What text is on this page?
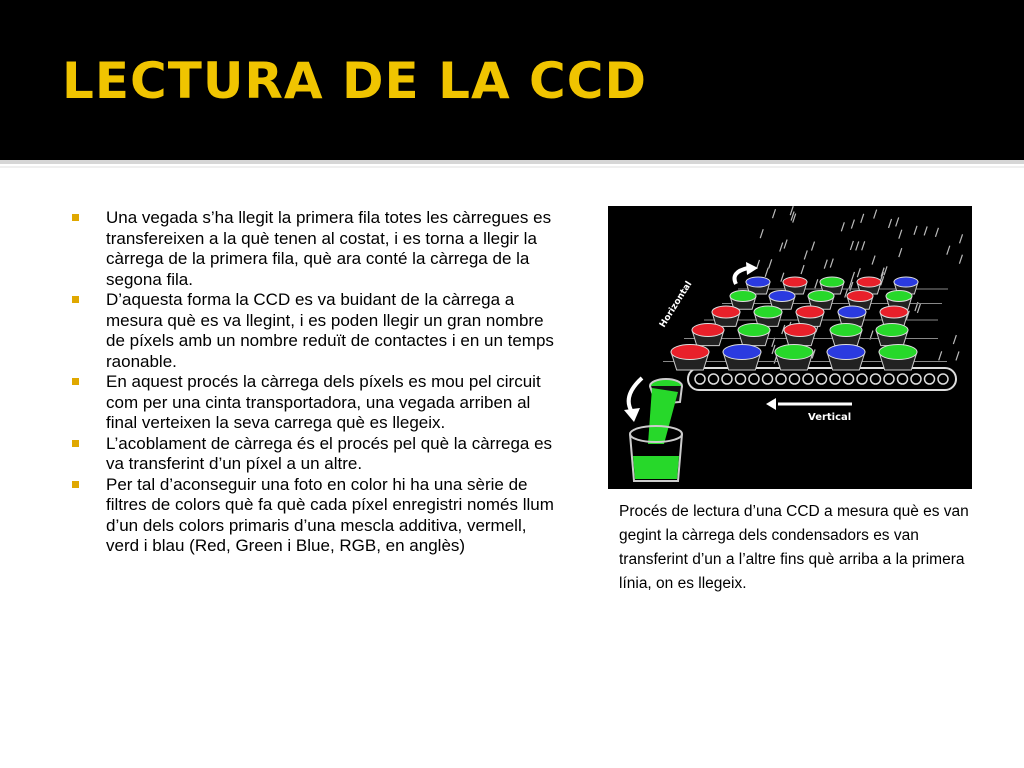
LECTURA DE LA CCD
Una vegada s’ha llegit la primera fila totes les càrregues es transfereixen a la què tenen al costat, i es torna a llegir la càrrega de la primera fila, què ara conté la càrrega de la segona fila.
D’aquesta forma la CCD es va buidant de la càrrega a mesura què es va llegint, i es poden llegir un gran nombre de píxels amb un nombre reduït de contactes i en un temps raonable.
En aquest procés la càrrega dels píxels es mou pel circuit com per una cinta transportadora, una vegada arriben al final verteixen la seva carrega què es llegeix.
L’acoblament de càrrega és el procés pel què la càrrega es va transferint d’un píxel a un altre.
Per tal d’aconseguir una foto en color hi ha una sèrie de filtres de colors què fa què cada píxel enregistri només llum d’un dels colors primaris d’una mescla additiva, vermell, verd i blau (Red, Green i Blue, RGB, en anglès)
Horizontal
Vertical

Procés de lectura d’una CCD a mesura què es van gegint la càrrega dels condensadors es van transferint d’un a l’altre fins què arriba a la primera línia, on es llegeix.
